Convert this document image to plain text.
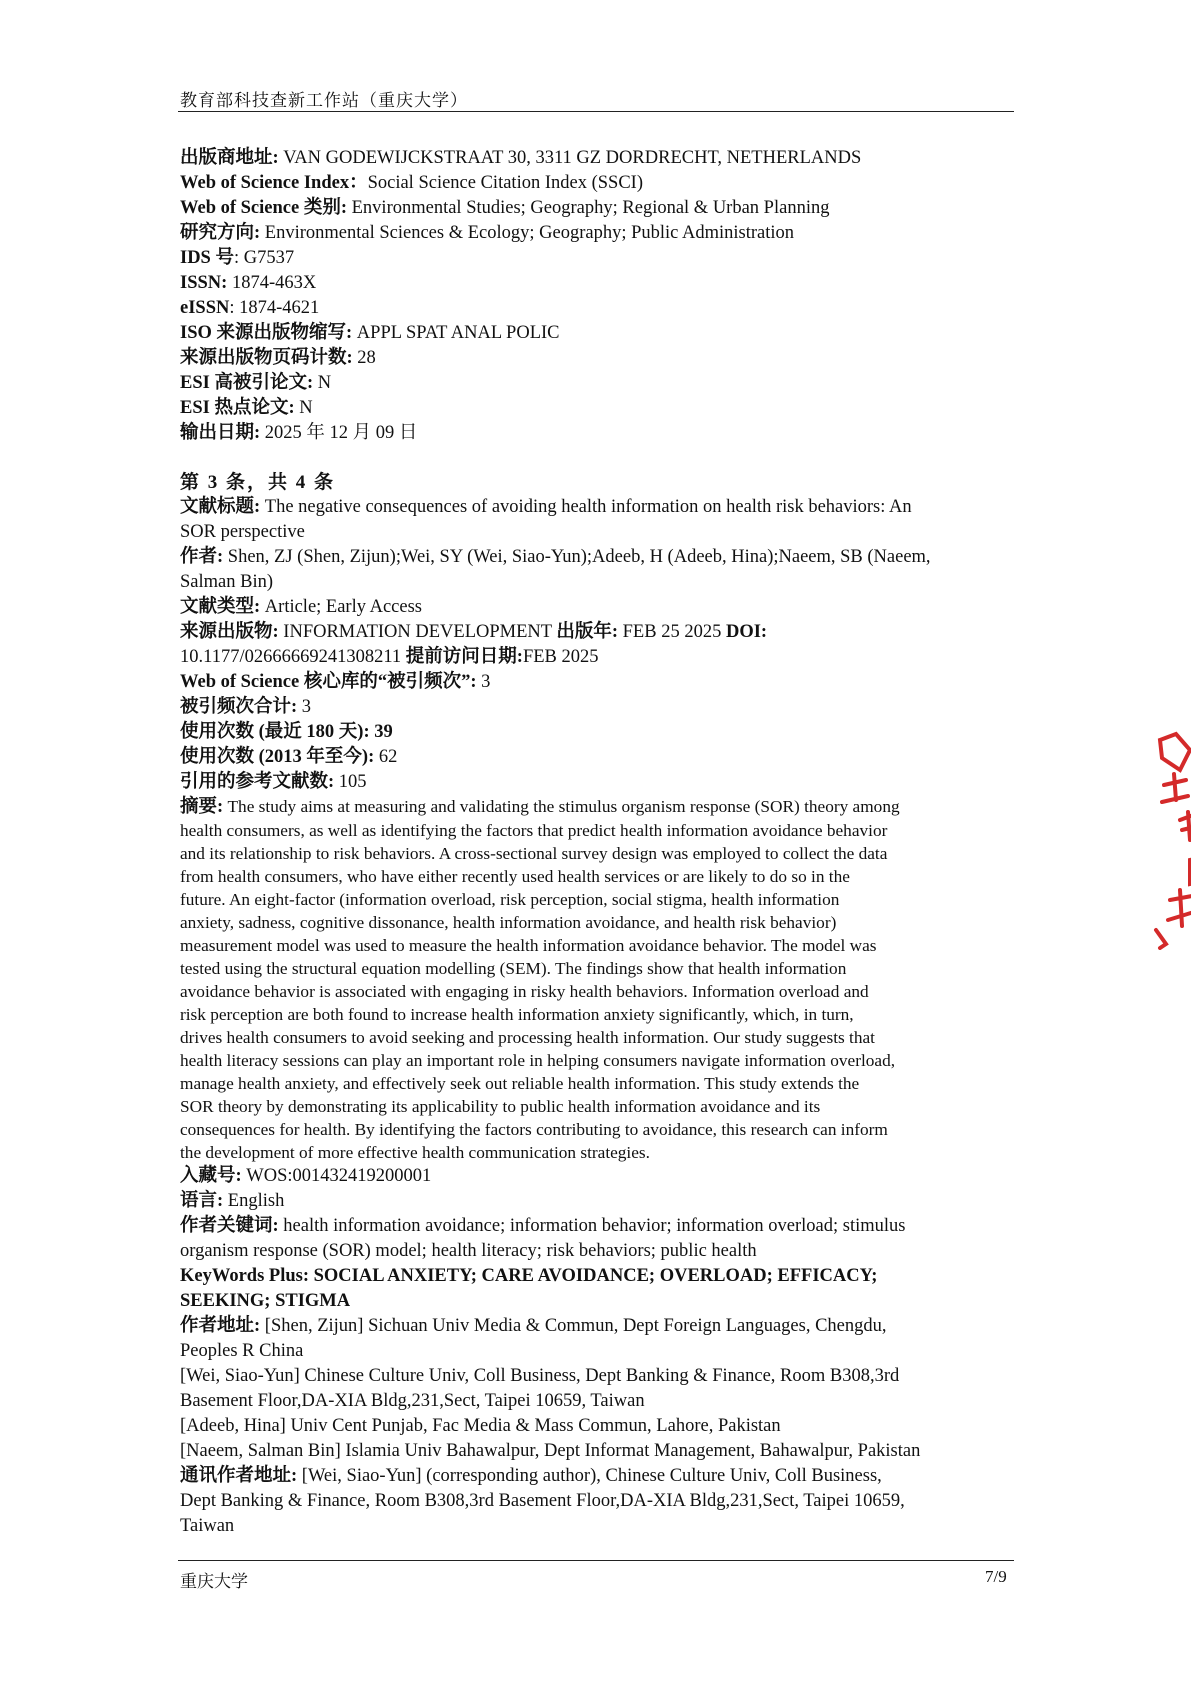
教育部科技查新工作站（重庆大学）
出版商地址: VAN GODEWIJCKSTRAAT 30, 3311 GZ DORDRECHT, NETHERLANDS
Web of Science Index：Social Science Citation Index (SSCI)
Web of Science 类别: Environmental Studies; Geography; Regional & Urban Planning
研究方向: Environmental Sciences & Ecology; Geography; Public Administration
IDS 号: G7537
ISSN: 1874-463X
eISSN: 1874-4621
ISO 来源出版物缩写: APPL SPAT ANAL POLIC
来源出版物页码计数: 28
ESI 高被引论文: N
ESI 热点论文: N
输出日期: 2025 年 12 月 09 日
第 3 条，共 4 条
文献标题: The negative consequences of avoiding health information on health risk behaviors: An
SOR perspective
作者: Shen, ZJ (Shen, Zijun);Wei, SY (Wei, Siao-Yun);Adeeb, H (Adeeb, Hina);Naeem, SB (Naeem,
Salman Bin)
文献类型: Article; Early Access
来源出版物: INFORMATION DEVELOPMENT 出版年: FEB 25 2025 DOI:
10.1177/02666669241308211 提前访问日期:FEB 2025
Web of Science 核心库的“被引频次”: 3
被引频次合计: 3
使用次数 (最近 180 天): 39
使用次数 (2013 年至今): 62
引用的参考文献数: 105
摘要: The study aims at measuring and validating the stimulus organism response (SOR) theory among
health consumers, as well as identifying the factors that predict health information avoidance behavior
and its relationship to risk behaviors. A cross-sectional survey design was employed to collect the data
from health consumers, who have either recently used health services or are likely to do so in the
future. An eight-factor (information overload, risk perception, social stigma, health information
anxiety, sadness, cognitive dissonance, health information avoidance, and health risk behavior)
measurement model was used to measure the health information avoidance behavior. The model was
tested using the structural equation modelling (SEM). The findings show that health information
avoidance behavior is associated with engaging in risky health behaviors. Information overload and
risk perception are both found to increase health information anxiety significantly, which, in turn,
drives health consumers to avoid seeking and processing health information. Our study suggests that
health literacy sessions can play an important role in helping consumers navigate information overload,
manage health anxiety, and effectively seek out reliable health information. This study extends the
SOR theory by demonstrating its applicability to public health information avoidance and its
consequences for health. By identifying the factors contributing to avoidance, this research can inform
the development of more effective health communication strategies.
入藏号: WOS:001432419200001
语言: English
作者关键词: health information avoidance; information behavior; information overload; stimulus
organism response (SOR) model; health literacy; risk behaviors; public health
KeyWords Plus: SOCIAL ANXIETY; CARE AVOIDANCE; OVERLOAD; EFFICACY;
SEEKING; STIGMA
作者地址: [Shen, Zijun] Sichuan Univ Media & Commun, Dept Foreign Languages, Chengdu,
Peoples R China
[Wei, Siao-Yun] Chinese Culture Univ, Coll Business, Dept Banking & Finance, Room B308,3rd
Basement Floor,DA-XIA Bldg,231,Sect, Taipei 10659, Taiwan
[Adeeb, Hina] Univ Cent Punjab, Fac Media & Mass Commun, Lahore, Pakistan
[Naeem, Salman Bin] Islamia Univ Bahawalpur, Dept Informat Management, Bahawalpur, Pakistan
通讯作者地址: [Wei, Siao-Yun] (corresponding author), Chinese Culture Univ, Coll Business,
Dept Banking & Finance, Room B308,3rd Basement Floor,DA-XIA Bldg,231,Sect, Taipei 10659,
Taiwan
重庆大学	7/9
